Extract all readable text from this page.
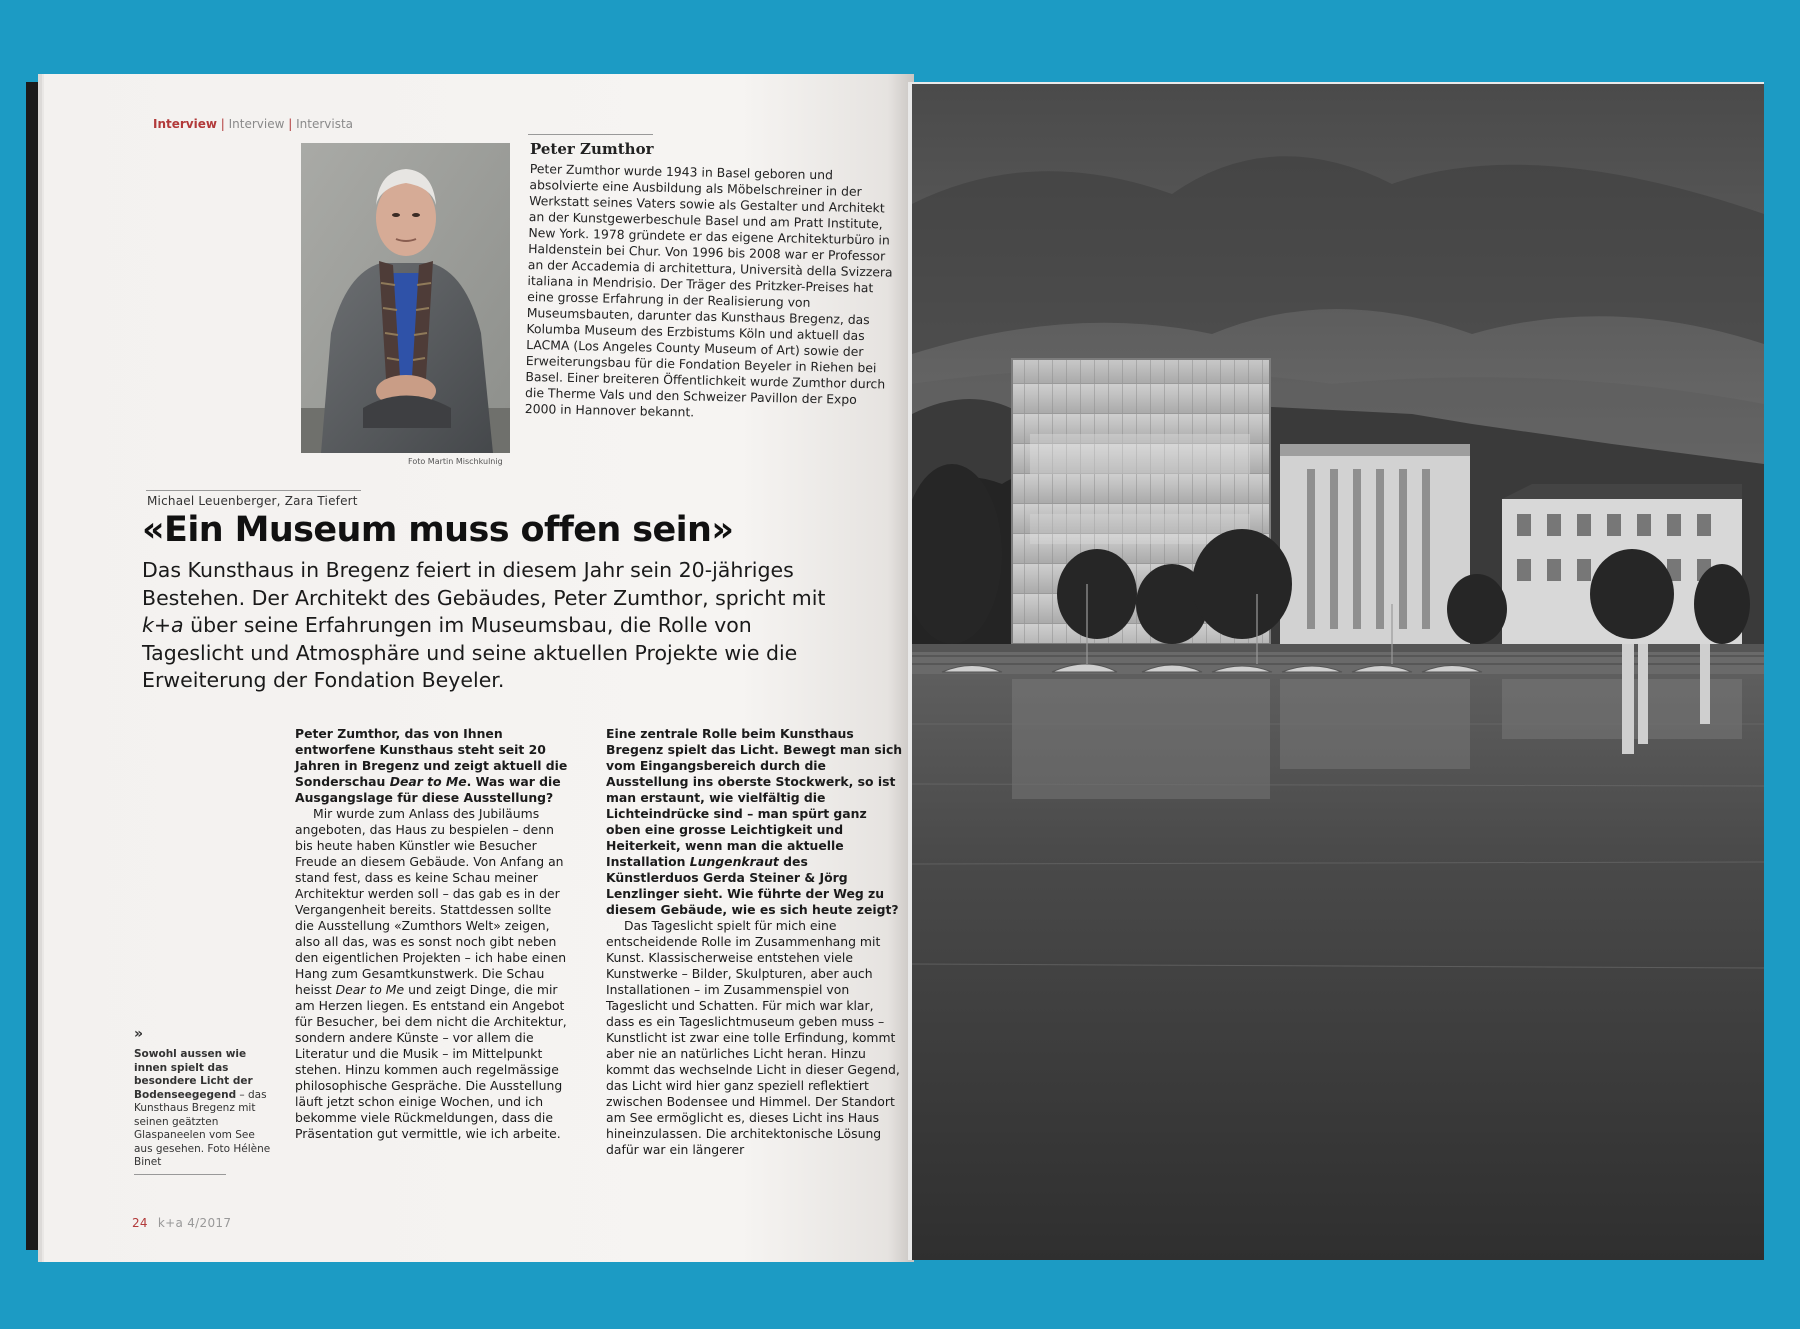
Interview | Interview | Intervista
Foto Martin Mischkulnig
Peter Zumthor
Peter Zumthor wurde 1943 in Basel geboren und absolvierte eine Ausbildung als Möbelschreiner in der Werkstatt seines Vaters sowie als Gestalter und Architekt an der Kunstgewerbeschule Basel und am Pratt Institute, New York. 1978 gründete er das eigene Architekturbüro in Haldenstein bei Chur. Von 1996 bis 2008 war er Professor an der Accademia di architettura, Università della Svizzera italiana in Mendrisio. Der Träger des Pritzker-Preises hat eine grosse Erfahrung in der Realisierung von Museumsbauten, darunter das Kunsthaus Bregenz, das Kolumba Museum des Erzbistums Köln und aktuell das LACMA (Los Angeles County Museum of Art) sowie der Erweiterungsbau für die Fondation Beyeler in Riehen bei Basel. Einer breiteren Öffentlichkeit wurde Zumthor durch die Therme Vals und den Schweizer Pavillon der Expo 2000 in Hannover bekannt.
Michael Leuenberger, Zara Tiefert
«Ein Museum muss offen sein»
Das Kunsthaus in Bregenz feiert in diesem Jahr sein 20-jähriges Bestehen. Der Architekt des Gebäudes, Peter Zumthor, spricht mit k+a über seine Erfahrungen im Museumsbau, die Rolle von Tageslicht und Atmosphäre und seine aktuellen Projekte wie die Erweiterung der Fondation Beyeler.
Peter Zumthor, das von Ihnen entworfene Kunsthaus steht seit 20 Jahren in Bregenz und zeigt aktuell die Sonderschau Dear to Me. Was war die Ausgangslage für diese Ausstellung?
Mir wurde zum Anlass des Jubiläums angeboten, das Haus zu bespielen – denn bis heute haben Künstler wie Besucher Freude an diesem Gebäude. Von Anfang an stand fest, dass es keine Schau meiner Architektur werden soll – das gab es in der Vergangenheit bereits. Stattdessen sollte die Ausstellung «Zumthors Welt» zeigen, also all das, was es sonst noch gibt neben den eigentlichen Projekten – ich habe einen Hang zum Gesamtkunstwerk. Die Schau heisst Dear to Me und zeigt Dinge, die mir am Herzen liegen. Es entstand ein Angebot für Besucher, bei dem nicht die Architektur, sondern andere Künste – vor allem die Literatur und die Musik – im Mittelpunkt stehen. Hinzu kommen auch regelmässige philosophische Gespräche. Die Ausstellung läuft jetzt schon einige Wochen, und ich bekomme viele Rückmeldungen, dass die Präsentation gut vermittle, wie ich arbeite.
Eine zentrale Rolle beim Kunsthaus Bregenz spielt das Licht. Bewegt man sich vom Eingangsbereich durch die Ausstellung ins oberste Stockwerk, so ist man erstaunt, wie vielfältig die Lichteindrücke sind – man spürt ganz oben eine grosse Leichtigkeit und Heiterkeit, wenn man die aktuelle Installation Lungenkraut des Künstlerduos Gerda Steiner & Jörg Lenzlinger sieht. Wie führte der Weg zu diesem Gebäude, wie es sich heute zeigt?
Das Tageslicht spielt für mich eine entscheidende Rolle im Zusammenhang mit Kunst. Klassischerweise entstehen viele Kunstwerke – Bilder, Skulpturen, aber auch Installationen – im Zusammenspiel von Tageslicht und Schatten. Für mich war klar, dass es ein Tageslichtmuseum geben muss – Kunstlicht ist zwar eine tolle Erfindung, kommt aber nie an natürliches Licht heran. Hinzu kommt das wechselnde Licht in dieser Gegend, das Licht wird hier ganz speziell reflektiert zwischen Bodensee und Himmel. Der Standort am See ermöglicht es, dieses Licht ins Haus hineinzulassen. Die architektonische Lösung dafür war ein längerer
»
Sowohl aussen wie innen spielt das besondere Licht der Bodenseegegend – das Kunsthaus Bregenz mit seinen geätzten Glaspaneelen vom See aus gesehen. Foto Hélène Binet
24 k+a 4/2017
